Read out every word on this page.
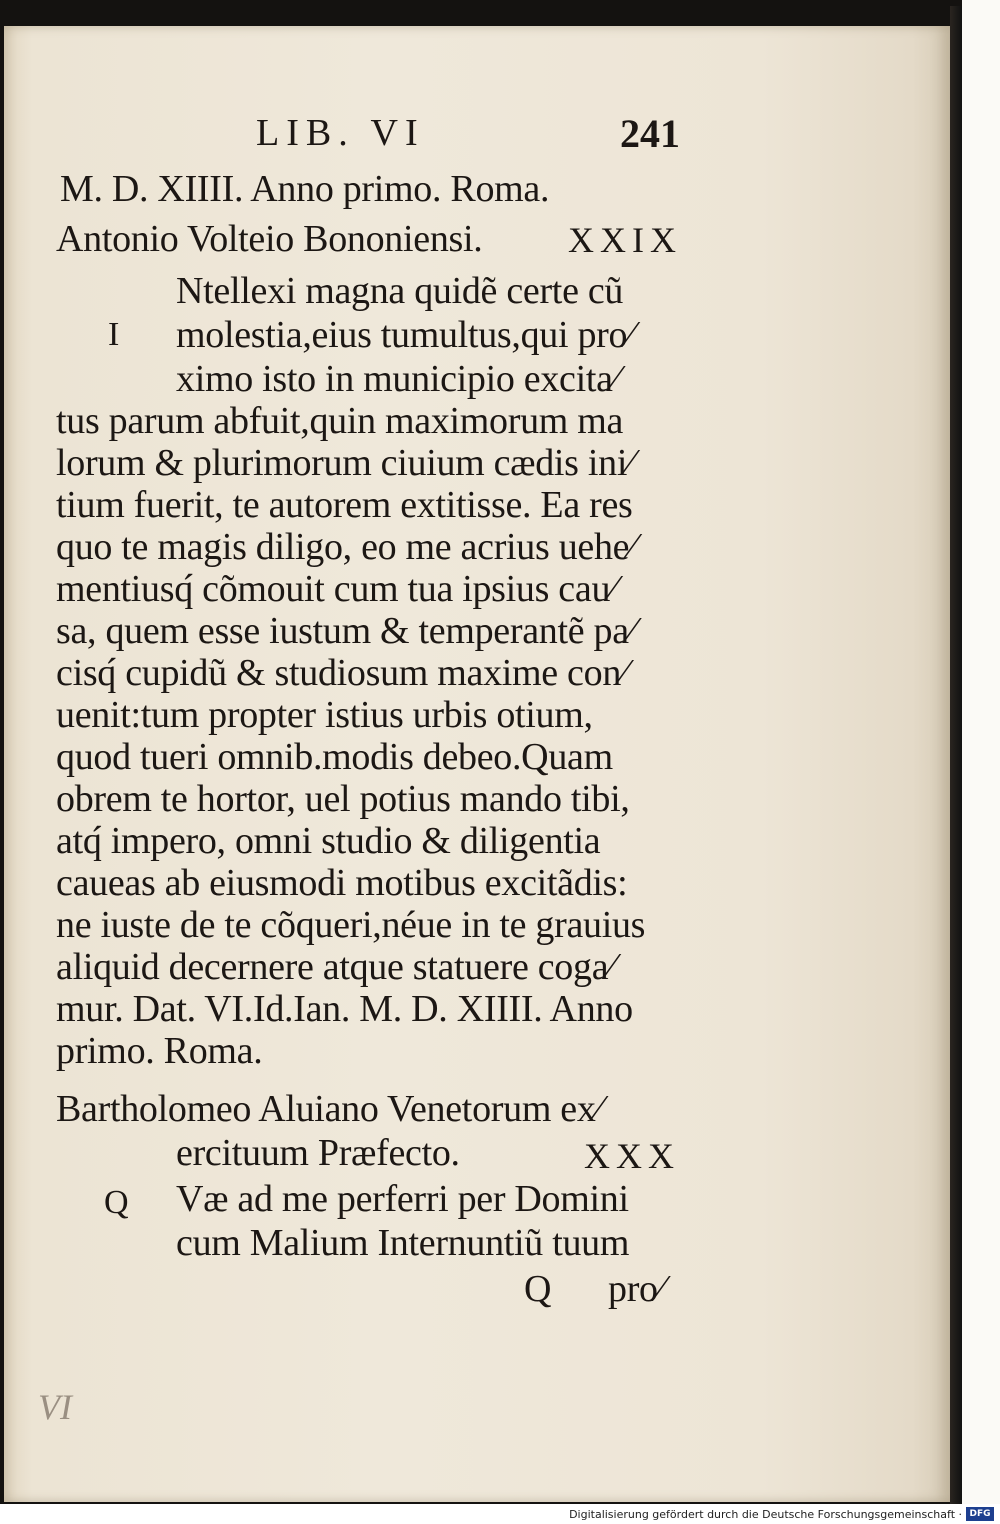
LIB. VI	241
M. D. XIIII. Anno primo. Roma.
Antonio Volteio Bononiensi. XXIX
I
Ntellexi magna quidẽ certe cũ
molestia,eius tumultus,qui pro⁄
ximo isto in municipio excita⁄
tus parum abfuit,quin maximorum ma
lorum & plurimorum ciuium cædis ini⁄
tium fuerit, te autorem extitisse. Ea res
quo te magis diligo, eo me acrius uehe⁄
mentiusq́ cõmouit cum tua ipsius cau⁄
sa, quem esse iustum & temperantẽ pa⁄
cisq́ cupidũ & studiosum maxime con⁄
uenit:tum propter istius urbis otium,
quod tueri omnib.modis debeo.Quam
obrem te hortor, uel potius mando tibi,
atq́ impero, omni studio & diligentia
caueas ab eiusmodi motibus excitãdis:
ne iuste de te cõqueri,néue in te grauius
aliquid decernere atque statuere coga⁄
mur. Dat. VI.Id.Ian. M. D. XIIII. Anno
primo. Roma.
Bartholomeo Aluiano Venetorum ex⁄
ercituum Præfecto.	XXX
Q Væ ad me perferri per Domini
cum Malium Internuntiũ tuum
Q pro⁄
VI
Digitalisierung gefördert durch die Deutsche Forschungsgemeinschaft · DFG
